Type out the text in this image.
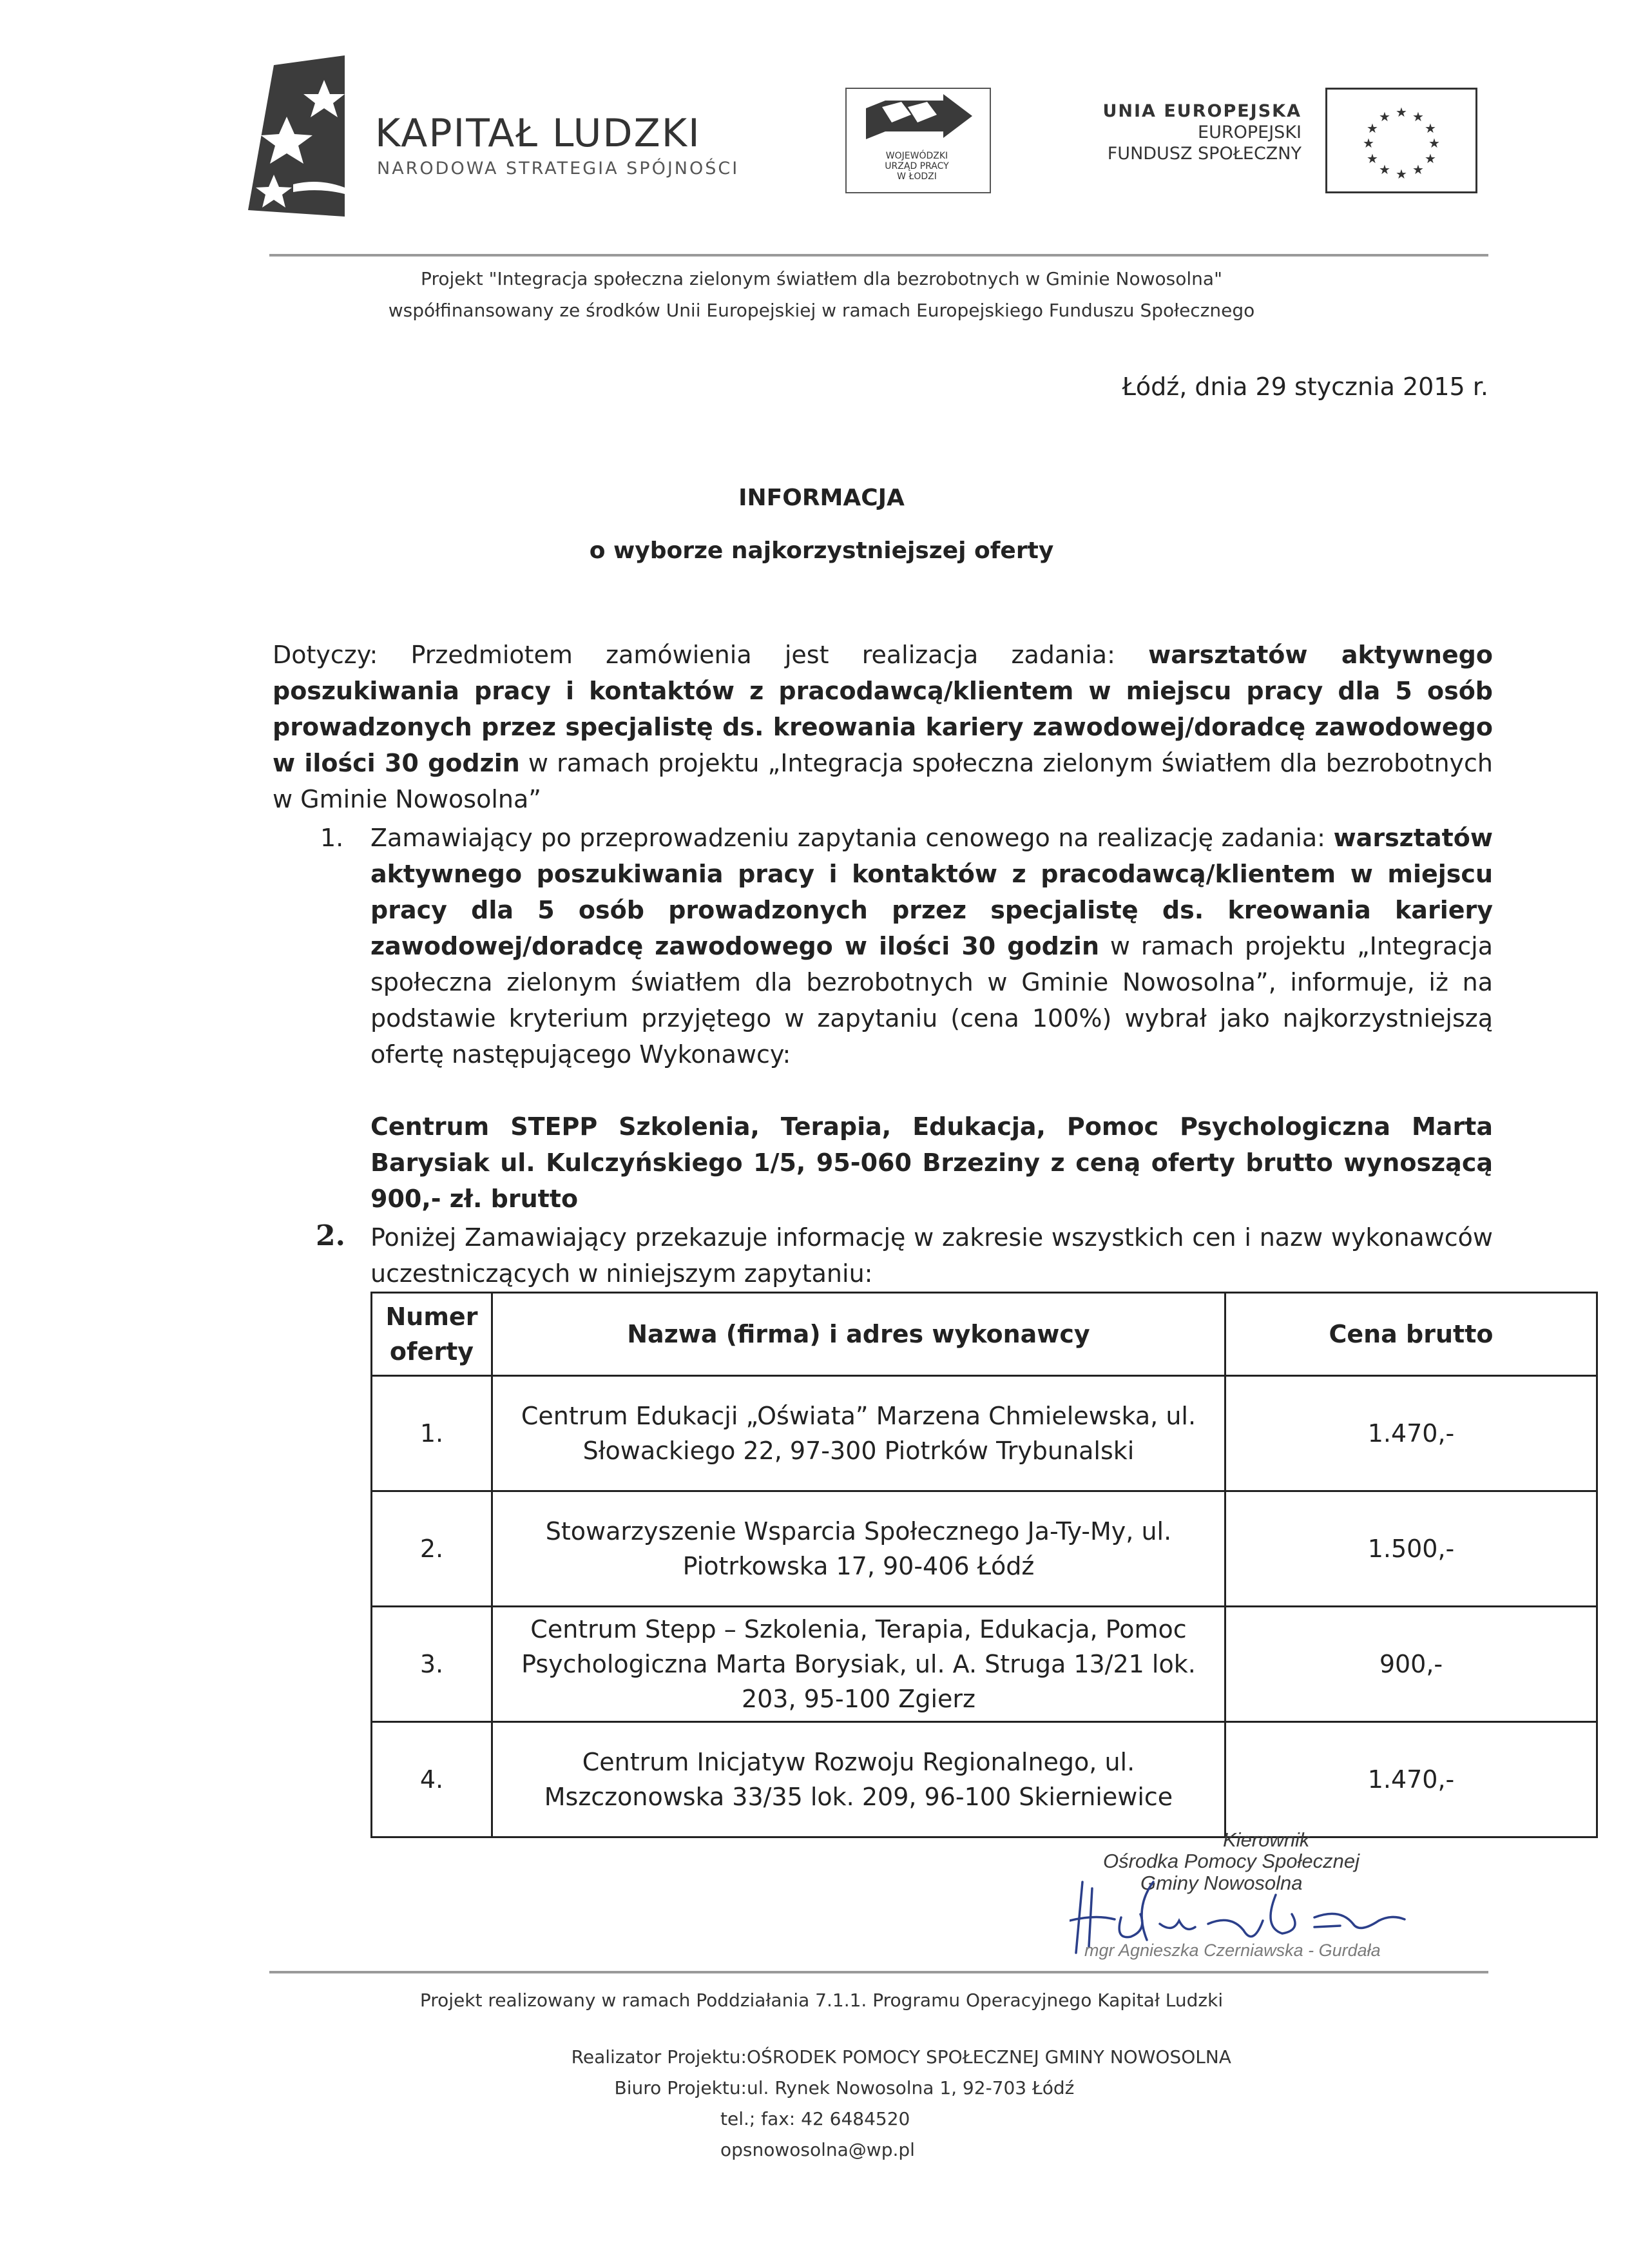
KAPITAŁ LUDZKI
NARODOWA STRATEGIA SPÓJNOŚCI
WOJEWÓDZKI
URZĄD PRACY
W ŁODZI
UNIA EUROPEJSKA
EUROPEJSKI
FUNDUSZ SPOŁECZNY
★ ★
★
★
★
★
★
★
★
★
★
★
Projekt "Integracja społeczna zielonym światłem dla bezrobotnych w Gminie Nowosolna"
współfinansowany ze środków Unii Europejskiej w ramach Europejskiego Funduszu Społecznego
Łódź, dnia 29 stycznia 2015 r.
INFORMACJA
o wyborze najkorzystniejszej oferty
Dotyczy: Przedmiotem zamówienia jest realizacja zadania: warsztatów aktywnego poszukiwania pracy i kontaktów z pracodawcą/klientem w miejscu pracy dla 5 osób prowadzonych przez specjalistę ds. kreowania kariery zawodowej/doradcę zawodowego w ilości 30 godzin w ramach projektu „Integracja społeczna zielonym światłem dla bezrobotnych w Gminie Nowosolna”
1. Zamawiający po przeprowadzeniu zapytania cenowego na realizację zadania: warsztatów aktywnego poszukiwania pracy i kontaktów z pracodawcą/klientem w miejscu pracy dla 5 osób prowadzonych przez specjalistę ds. kreowania kariery zawodowej/doradcę zawodowego w ilości 30 godzin w ramach projektu „Integracja społeczna zielonym światłem dla bezrobotnych w Gminie Nowosolna”, informuje, iż na podstawie kryterium przyjętego w zapytaniu (cena 100%) wybrał jako najkorzystniejszą ofertę następującego Wykonawcy:
Centrum STEPP Szkolenia, Terapia, Edukacja, Pomoc Psychologiczna Marta Barysiak ul. Kulczyńskiego 1/5, 95-060 Brzeziny z ceną oferty brutto wynoszącą 900,- zł. brutto
2. Poniżej Zamawiający przekazuje informację w zakresie wszystkich cen i nazw wykonawców uczestniczących w niniejszym zapytaniu:
Numer oferty	Nazwa (firma) i adres wykonawcy	Cena brutto
1.	Centrum Edukacji „Oświata” Marzena Chmielewska, ul. Słowackiego 22, 97-300 Piotrków Trybunalski	1.470,-
2.	Stowarzyszenie Wsparcia Społecznego Ja-Ty-My, ul. Piotrkowska 17, 90-406 Łódź	1.500,-
3.	Centrum Stepp – Szkolenia, Terapia, Edukacja, Pomoc Psychologiczna Marta Borysiak, ul. A. Struga 13/21 lok. 203, 95-100 Zgierz	900,-
4.	Centrum Inicjatyw Rozwoju Regionalnego, ul. Mszczonowska 33/35 lok. 209, 96-100 Skierniewice	1.470,-
Kierownik
Ośrodka Pomocy Społecznej
Gminy Nowosolna
mgr Agnieszka Czerniawska - Gurdała
Projekt realizowany w ramach Poddziałania 7.1.1. Programu Operacyjnego Kapitał Ludzki
Realizator Projektu: OŚRODEK POMOCY SPOŁECZNEJ GMINY NOWOSOLNA
Biuro Projektu: ul. Rynek Nowosolna 1, 92-703 Łódź
tel.; fax: 42 6484520
opsnowosolna@wp.pl
